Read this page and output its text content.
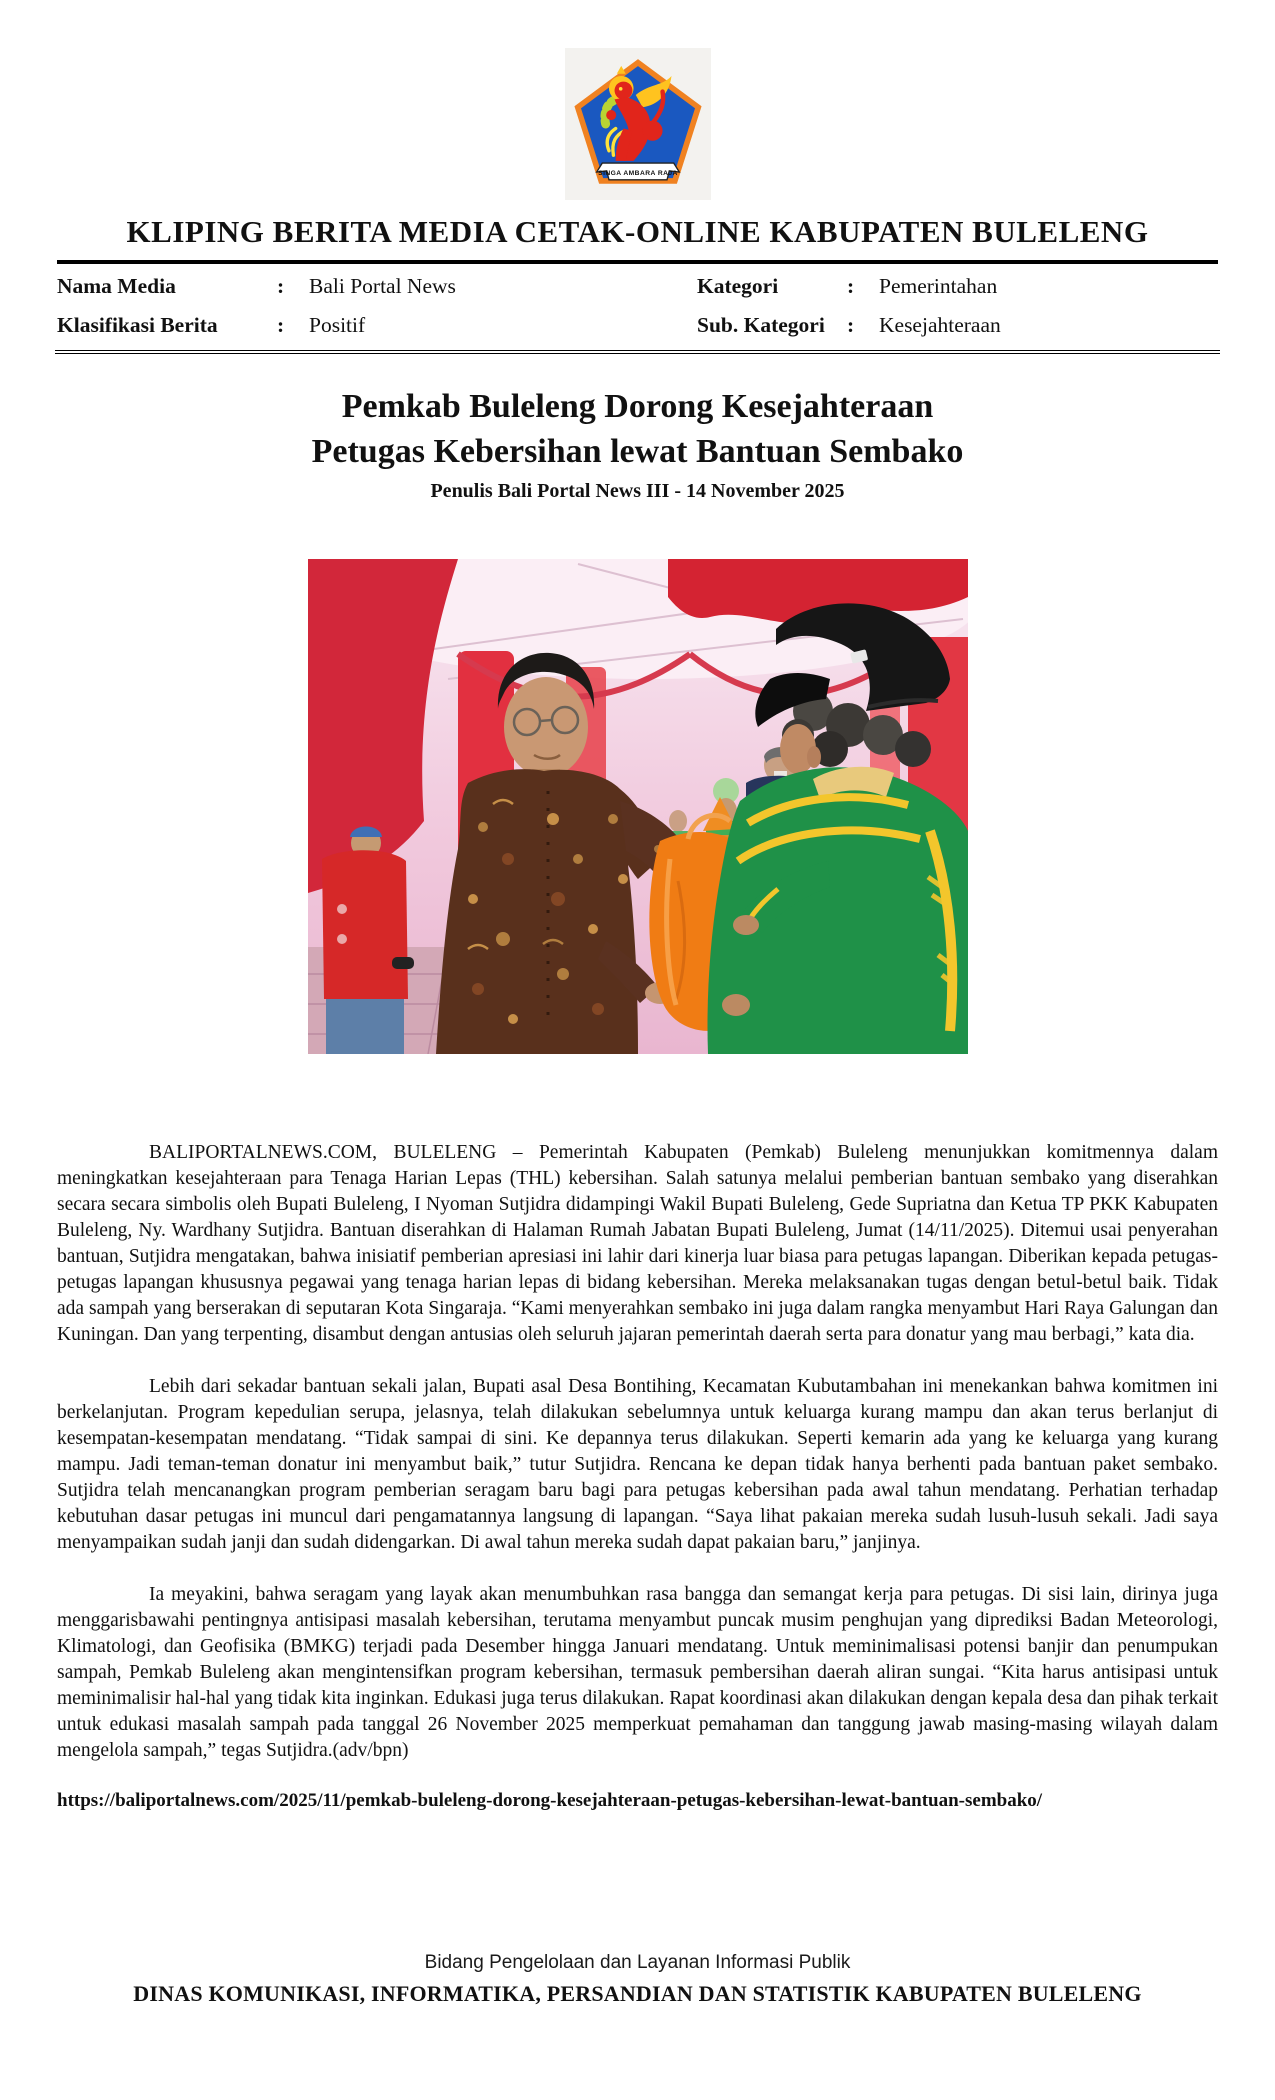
SINGA AMBARA RAJA
KLIPING BERITA MEDIA CETAK-ONLINE KABUPATEN BULELENG
Nama Media	:	Bali Portal News	Kategori	:	Pemerintahan
Klasifikasi Berita	:	Positif	Sub. Kategori	:	Kesejahteraan
Pemkab Buleleng Dorong Kesejahteraan
Petugas Kebersihan lewat Bantuan Sembako
Penulis Bali Portal News III - 14 November 2025

BALIPORTALNEWS.COM, BULELENG – Pemerintah Kabupaten (Pemkab) Buleleng menunjukkan komitmennya dalam meningkatkan kesejahteraan para Tenaga Harian Lepas (THL) kebersihan. Salah satunya melalui pemberian bantuan sembako yang diserahkan secara secara simbolis oleh Bupati Buleleng, I Nyoman Sutjidra didampingi Wakil Bupati Buleleng, Gede Supriatna dan Ketua TP PKK Kabupaten Buleleng, Ny. Wardhany Sutjidra. Bantuan diserahkan di Halaman Rumah Jabatan Bupati Buleleng, Jumat (14/11/2025). Ditemui usai penyerahan bantuan, Sutjidra mengatakan, bahwa inisiatif pemberian apresiasi ini lahir dari kinerja luar biasa para petugas lapangan. Diberikan kepada petugas-petugas lapangan khususnya pegawai yang tenaga harian lepas di bidang kebersihan. Mereka melaksanakan tugas dengan betul-betul baik. Tidak ada sampah yang berserakan di seputaran Kota Singaraja. “Kami menyerahkan sembako ini juga dalam rangka menyambut Hari Raya Galungan dan Kuningan. Dan yang terpenting, disambut dengan antusias oleh seluruh jajaran pemerintah daerah serta para donatur yang mau berbagi,” kata dia.

Lebih dari sekadar bantuan sekali jalan, Bupati asal Desa Bontihing, Kecamatan Kubutambahan ini menekankan bahwa komitmen ini berkelanjutan. Program kepedulian serupa, jelasnya, telah dilakukan sebelumnya untuk keluarga kurang mampu dan akan terus berlanjut di kesempatan-kesempatan mendatang. “Tidak sampai di sini. Ke depannya terus dilakukan. Seperti kemarin ada yang ke keluarga yang kurang mampu. Jadi teman-teman donatur ini menyambut baik,” tutur Sutjidra. Rencana ke depan tidak hanya berhenti pada bantuan paket sembako. Sutjidra telah mencanangkan program pemberian seragam baru bagi para petugas kebersihan pada awal tahun mendatang. Perhatian terhadap kebutuhan dasar petugas ini muncul dari pengamatannya langsung di lapangan. “Saya lihat pakaian mereka sudah lusuh-lusuh sekali. Jadi saya menyampaikan sudah janji dan sudah didengarkan. Di awal tahun mereka sudah dapat pakaian baru,” janjinya.

Ia meyakini, bahwa seragam yang layak akan menumbuhkan rasa bangga dan semangat kerja para petugas. Di sisi lain, dirinya juga menggarisbawahi pentingnya antisipasi masalah kebersihan, terutama menyambut puncak musim penghujan yang diprediksi Badan Meteorologi, Klimatologi, dan Geofisika (BMKG) terjadi pada Desember hingga Januari mendatang. Untuk meminimalisasi potensi banjir dan penumpukan sampah, Pemkab Buleleng akan mengintensifkan program kebersihan, termasuk pembersihan daerah aliran sungai. “Kita harus antisipasi untuk meminimalisir hal-hal yang tidak kita inginkan. Edukasi juga terus dilakukan. Rapat koordinasi akan dilakukan dengan kepala desa dan pihak terkait untuk edukasi masalah sampah pada tanggal 26 November 2025 memperkuat pemahaman dan tanggung jawab masing-masing wilayah dalam mengelola sampah,” tegas Sutjidra.(adv/bpn)

https://baliportalnews.com/2025/11/pemkab-buleleng-dorong-kesejahteraan-petugas-kebersihan-lewat-bantuan-sembako/
Bidang Pengelolaan dan Layanan Informasi Publik
DINAS KOMUNIKASI, INFORMATIKA, PERSANDIAN DAN STATISTIK KABUPATEN BULELENG
